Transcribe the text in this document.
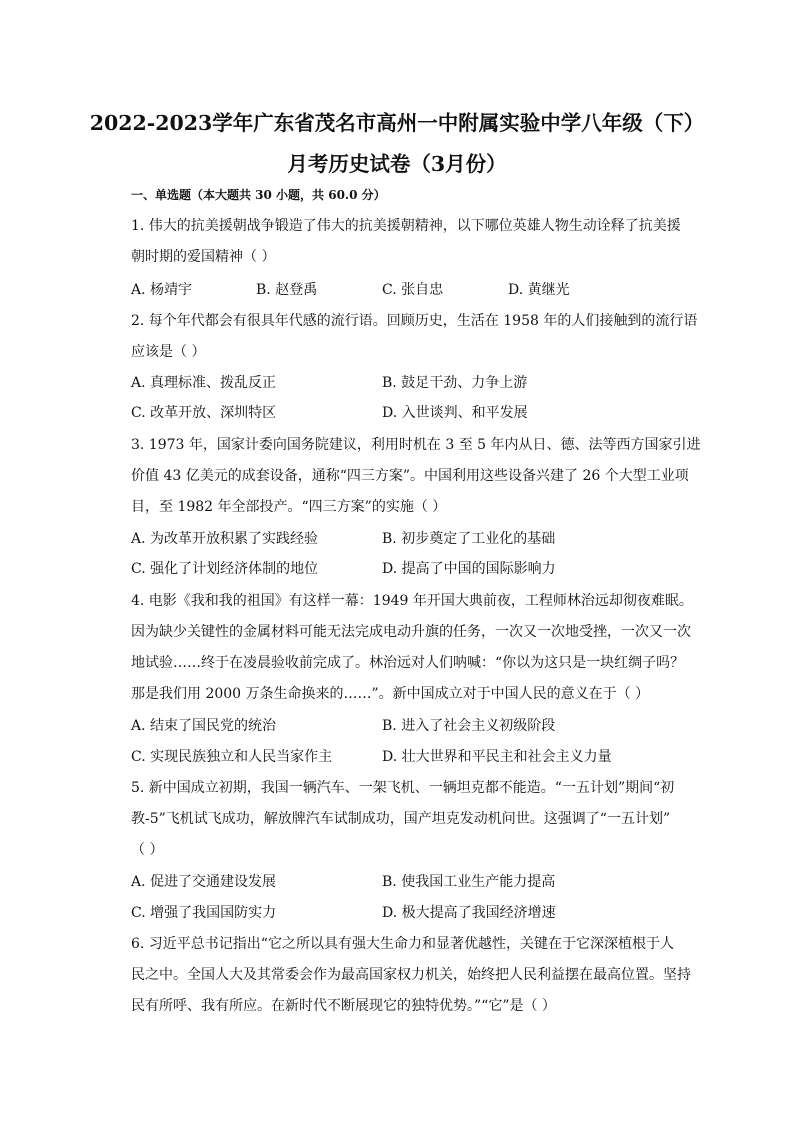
2022-2023学年广东省茂名市高州一中附属实验中学八年级（下）
月考历史试卷（3月份）
一、单选题（本大题共 30 小题，共 60.0 分）
1. 伟大的抗美援朝战争锻造了伟大的抗美援朝精神，以下哪位英雄人物生动诠释了抗美援
朝时期的爱国精神（ ）
A. 杨靖宇	B. 赵登禹	C. 张自忠	D. 黄继光
2. 每个年代都会有很具年代感的流行语。回顾历史，生活在 1958 年的人们接触到的流行语
应该是（ ）
A. 真理标准、拨乱反正	B. 鼓足干劲、力争上游
C. 改革开放、深圳特区	D. 入世谈判、和平发展
3. 1973 年，国家计委向国务院建议，利用时机在 3 至 5 年内从日、德、法等西方国家引进
价值 43 亿美元的成套设备，通称“四三方案”。中国利用这些设备兴建了 26 个大型工业项
目，至 1982 年全部投产。“四三方案”的实施（ ）
A. 为改革开放积累了实践经验	B. 初步奠定了工业化的基础
C. 强化了计划经济体制的地位	D. 提高了中国的国际影响力
4. 电影《我和我的祖国》有这样一幕：1949 年开国大典前夜，工程师林治远却彻夜难眠。
因为缺少关键性的金属材料可能无法完成电动升旗的任务，一次又一次地受挫，一次又一次
地试验……终于在凌晨验收前完成了。林治远对人们呐喊：“你以为这只是一块红绸子吗？
那是我们用 2000 万条生命换来的……”。新中国成立对于中国人民的意义在于（ ）
A. 结束了国民党的统治	B. 进入了社会主义初级阶段
C. 实现民族独立和人民当家作主	D. 壮大世界和平民主和社会主义力量
5. 新中国成立初期，我国一辆汽车、一架飞机、一辆坦克都不能造。“一五计划”期间“初
教-5”飞机试飞成功，解放牌汽车试制成功，国产坦克发动机问世。这强调了“一五计划”
（ ）
A. 促进了交通建设发展	B. 使我国工业生产能力提高
C. 增强了我国国防实力	D. 极大提高了我国经济增速
6. 习近平总书记指出“它之所以具有强大生命力和显著优越性，关键在于它深深植根于人
民之中。全国人大及其常委会作为最高国家权力机关，始终把人民利益摆在最高位置。坚持
民有所呼、我有所应。在新时代不断展现它的独特优势。”“它”是（ ）
